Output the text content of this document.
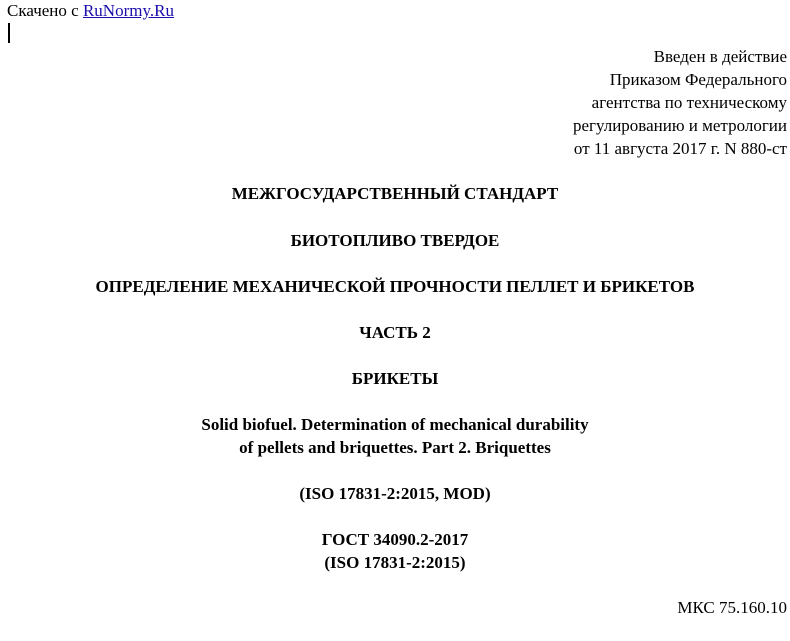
Скачено с RuNormy.Ru
Введен в действие
Приказом Федерального
агентства по техническому
регулированию и метрологии
от 11 августа 2017 г. N 880-ст
МЕЖГОСУДАРСТВЕННЫЙ СТАНДАРТ
БИОТОПЛИВО ТВЕРДОЕ
ОПРЕДЕЛЕНИЕ МЕХАНИЧЕСКОЙ ПРОЧНОСТИ ПЕЛЛЕТ И БРИКЕТОВ
ЧАСТЬ 2
БРИКЕТЫ
Solid biofuel. Determination of mechanical durability
of pellets and briquettes. Part 2. Briquettes
(ISO 17831-2:2015, MOD)
ГОСТ 34090.2-2017
(ISO 17831-2:2015)
МКС 75.160.10
